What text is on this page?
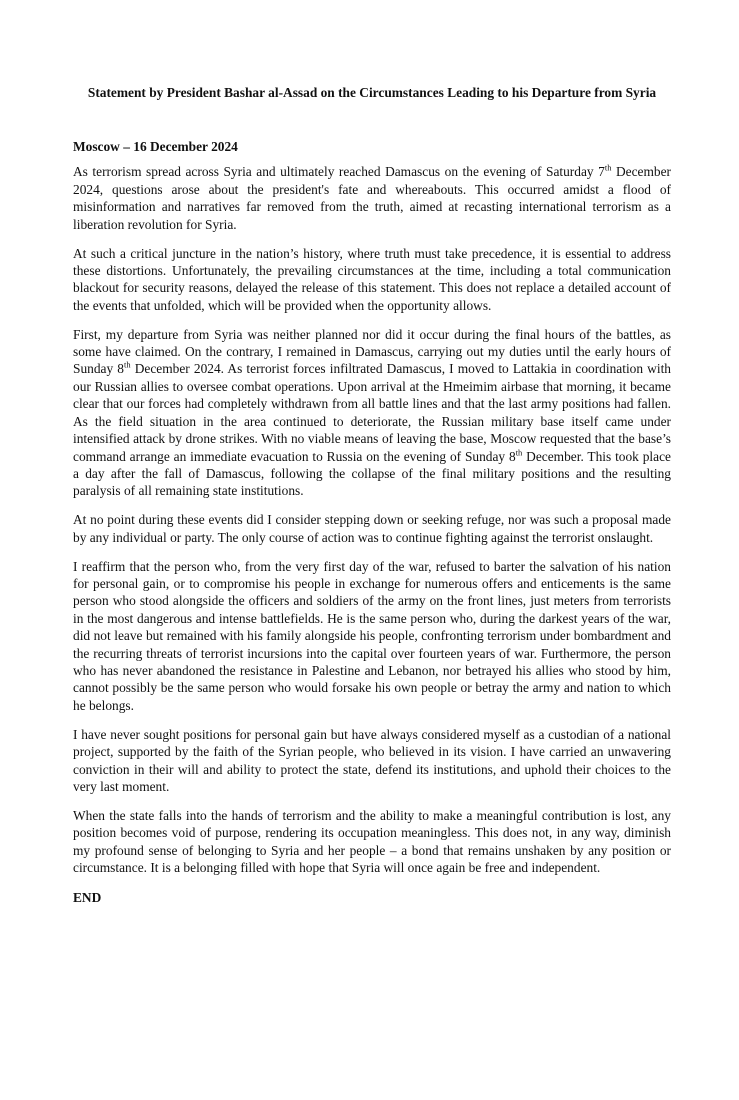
Statement by President Bashar al-Assad on the Circumstances Leading to his Departure from Syria
Moscow – 16 December 2024

As terrorism spread across Syria and ultimately reached Damascus on the evening of Saturday 7th December 2024, questions arose about the president's fate and whereabouts. This occurred amidst a flood of misinformation and narratives far removed from the truth, aimed at recasting international terrorism as a liberation revolution for Syria.

At such a critical juncture in the nation’s history, where truth must take precedence, it is essential to address these distortions. Unfortunately, the prevailing circumstances at the time, including a total communication blackout for security reasons, delayed the release of this statement. This does not replace a detailed account of the events that unfolded, which will be provided when the opportunity allows.

First, my departure from Syria was neither planned nor did it occur during the final hours of the battles, as some have claimed. On the contrary, I remained in Damascus, carrying out my duties until the early hours of Sunday 8th December 2024. As terrorist forces infiltrated Damascus, I moved to Lattakia in coordination with our Russian allies to oversee combat operations. Upon arrival at the Hmeimim airbase that morning, it became clear that our forces had completely withdrawn from all battle lines and that the last army positions had fallen. As the field situation in the area continued to deteriorate, the Russian military base itself came under intensified attack by drone strikes. With no viable means of leaving the base, Moscow requested that the base’s command arrange an immediate evacuation to Russia on the evening of Sunday 8th December. This took place a day after the fall of Damascus, following the collapse of the final military positions and the resulting paralysis of all remaining state institutions.

At no point during these events did I consider stepping down or seeking refuge, nor was such a proposal made by any individual or party. The only course of action was to continue fighting against the terrorist onslaught.

I reaffirm that the person who, from the very first day of the war, refused to barter the salvation of his nation for personal gain, or to compromise his people in exchange for numerous offers and enticements is the same person who stood alongside the officers and soldiers of the army on the front lines, just meters from terrorists in the most dangerous and intense battlefields. He is the same person who, during the darkest years of the war, did not leave but remained with his family alongside his people, confronting terrorism under bombardment and the recurring threats of terrorist incursions into the capital over fourteen years of war. Furthermore, the person who has never abandoned the resistance in Palestine and Lebanon, nor betrayed his allies who stood by him, cannot possibly be the same person who would forsake his own people or betray the army and nation to which he belongs.

I have never sought positions for personal gain but have always considered myself as a custodian of a national project, supported by the faith of the Syrian people, who believed in its vision. I have carried an unwavering conviction in their will and ability to protect the state, defend its institutions, and uphold their choices to the very last moment.

When the state falls into the hands of terrorism and the ability to make a meaningful contribution is lost, any position becomes void of purpose, rendering its occupation meaningless. This does not, in any way, diminish my profound sense of belonging to Syria and her people – a bond that remains unshaken by any position or circumstance. It is a belonging filled with hope that Syria will once again be free and independent.

END
